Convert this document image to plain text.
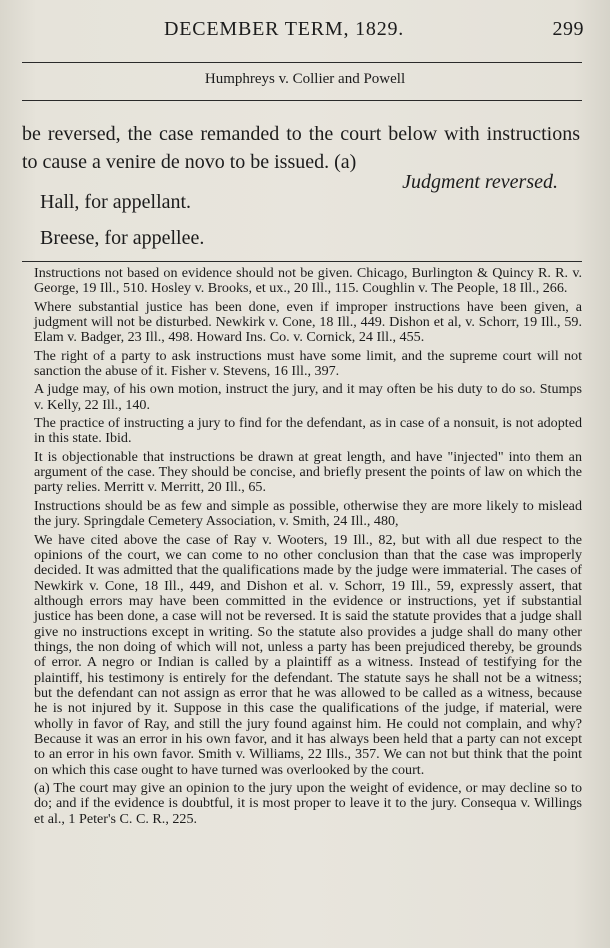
DECEMBER TERM, 1829.	299
Humphreys v. Collier and Powell

be reversed, the case remanded to the court below with instructions to cause a venire de novo to be issued. (a)

Judgment reversed.
Hall, for appellant.
Breese, for appellee.

Instructions not based on evidence should not be given. Chicago, Burlington & Quincy R. R. v. George, 19 Ill., 510. Hosley v. Brooks, et ux., 20 Ill., 115. Coughlin v. The People, 18 Ill., 266.

Where substantial justice has been done, even if improper instructions have been given, a judgment will not be disturbed. Newkirk v. Cone, 18 Ill., 449. Dishon et al, v. Schorr, 19 Ill., 59. Elam v. Badger, 23 Ill., 498. Howard Ins. Co. v. Cornick, 24 Ill., 455.

The right of a party to ask instructions must have some limit, and the supreme court will not sanction the abuse of it. Fisher v. Stevens, 16 Ill., 397.

A judge may, of his own motion, instruct the jury, and it may often be his duty to do so. Stumps v. Kelly, 22 Ill., 140.

The practice of instructing a jury to find for the defendant, as in case of a nonsuit, is not adopted in this state. Ibid.

It is objectionable that instructions be drawn at great length, and have "injected" into them an argument of the case. They should be concise, and briefly present the points of law on which the party relies. Merritt v. Merritt, 20 Ill., 65.

Instructions should be as few and simple as possible, otherwise they are more likely to mislead the jury. Springdale Cemetery Association, v. Smith, 24 Ill., 480,

We have cited above the case of Ray v. Wooters, 19 Ill., 82, but with all due respect to the opinions of the court, we can come to no other conclusion than that the case was improperly decided. It was admitted that the qualifications made by the judge were immaterial. The cases of Newkirk v. Cone, 18 Ill., 449, and Dishon et al. v. Schorr, 19 Ill., 59, expressly assert, that although errors may have been committed in the evidence or instructions, yet if substantial justice has been done, a case will not be reversed. It is said the statute provides that a judge shall give no instructions except in writing. So the statute also provides a judge shall do many other things, the non doing of which will not, unless a party has been prejudiced thereby, be grounds of error. A negro or Indian is called by a plaintiff as a witness. Instead of testifying for the plaintiff, his testimony is entirely for the defendant. The statute says he shall not be a witness; but the defendant can not assign as error that he was allowed to be called as a witness, because he is not injured by it. Suppose in this case the qualifications of the judge, if material, were wholly in favor of Ray, and still the jury found against him. He could not complain, and why? Because it was an error in his own favor, and it has always been held that a party can not except to an error in his own favor. Smith v. Williams, 22 Ills., 357. We can not but think that the point on which this case ought to have turned was overlooked by the court.

(a) The court may give an opinion to the jury upon the weight of evidence, or may decline so to do; and if the evidence is doubtful, it is most proper to leave it to the jury. Consequa v. Willings et al., 1 Peter's C. C. R., 225.
